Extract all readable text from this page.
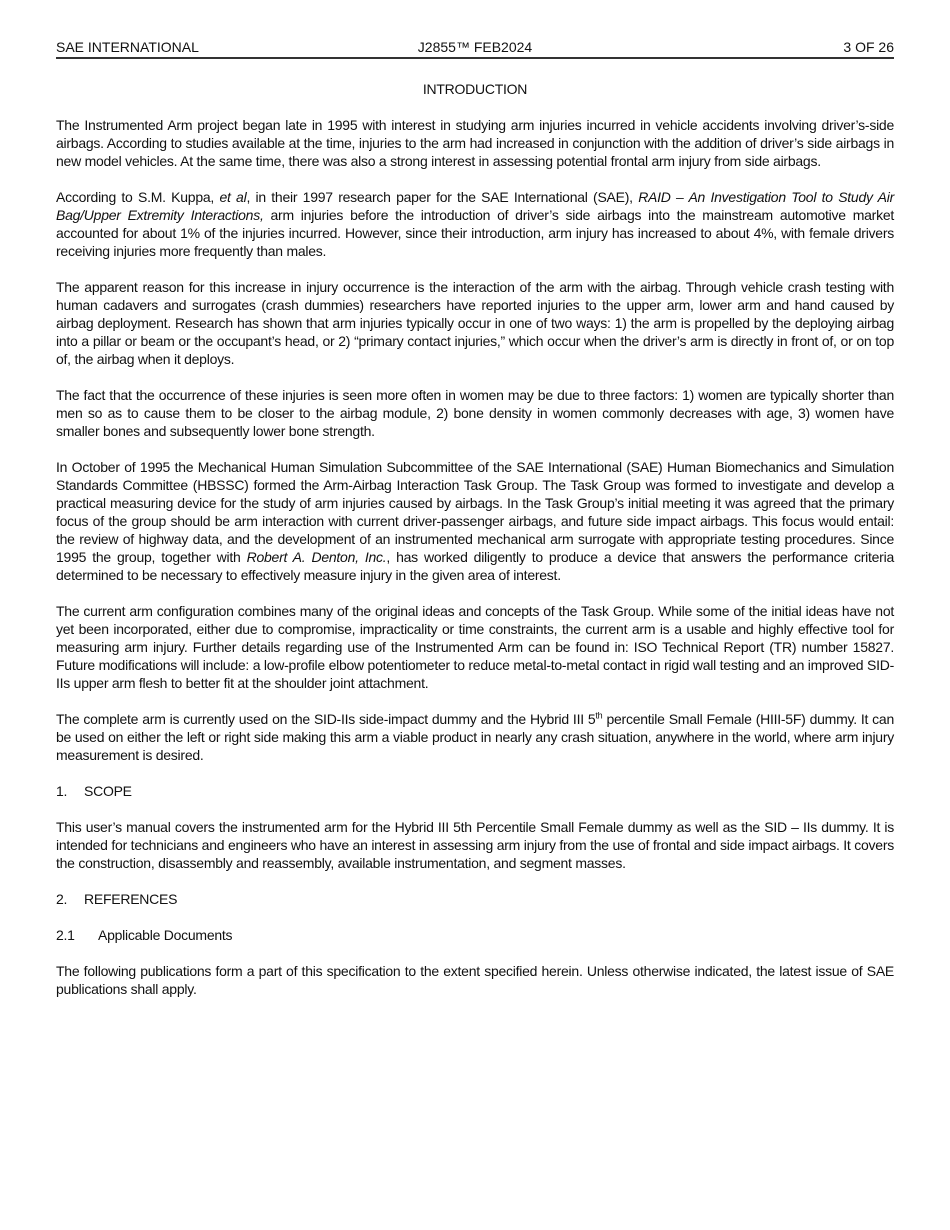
SAE INTERNATIONAL	J2855™ FEB2024	3 OF 26
INTRODUCTION

The Instrumented Arm project began late in 1995 with interest in studying arm injuries incurred in vehicle accidents involving driver’s-side airbags. According to studies available at the time, injuries to the arm had increased in conjunction with the addition of driver’s side airbags in new model vehicles. At the same time, there was also a strong interest in assessing potential frontal arm injury from side airbags.

According to S.M. Kuppa, et al, in their 1997 research paper for the SAE International (SAE), RAID – An Investigation Tool to Study Air Bag/Upper Extremity Interactions, arm injuries before the introduction of driver’s side airbags into the mainstream automotive market accounted for about 1% of the injuries incurred. However, since their introduction, arm injury has increased to about 4%, with female drivers receiving injuries more frequently than males.

The apparent reason for this increase in injury occurrence is the interaction of the arm with the airbag. Through vehicle crash testing with human cadavers and surrogates (crash dummies) researchers have reported injuries to the upper arm, lower arm and hand caused by airbag deployment. Research has shown that arm injuries typically occur in one of two ways: 1) the arm is propelled by the deploying airbag into a pillar or beam or the occupant’s head, or 2) “primary contact injuries,” which occur when the driver’s arm is directly in front of, or on top of, the airbag when it deploys.

The fact that the occurrence of these injuries is seen more often in women may be due to three factors: 1) women are typically shorter than men so as to cause them to be closer to the airbag module, 2) bone density in women commonly decreases with age, 3) women have smaller bones and subsequently lower bone strength.

In October of 1995 the Mechanical Human Simulation Subcommittee of the SAE International (SAE) Human Biomechanics and Simulation Standards Committee (HBSSC) formed the Arm-Airbag Interaction Task Group. The Task Group was formed to investigate and develop a practical measuring device for the study of arm injuries caused by airbags. In the Task Group’s initial meeting it was agreed that the primary focus of the group should be arm interaction with current driver-passenger airbags, and future side impact airbags. This focus would entail: the review of highway data, and the development of an instrumented mechanical arm surrogate with appropriate testing procedures. Since 1995 the group, together with Robert A. Denton, Inc., has worked diligently to produce a device that answers the performance criteria determined to be necessary to effectively measure injury in the given area of interest.

The current arm configuration combines many of the original ideas and concepts of the Task Group. While some of the initial ideas have not yet been incorporated, either due to compromise, impracticality or time constraints, the current arm is a usable and highly effective tool for measuring arm injury. Further details regarding use of the Instrumented Arm can be found in: ISO Technical Report (TR) number 15827. Future modifications will include: a low-profile elbow potentiometer to reduce metal-to-metal contact in rigid wall testing and an improved SID-IIs upper arm flesh to better fit at the shoulder joint attachment.

The complete arm is currently used on the SID-IIs side-impact dummy and the Hybrid III 5th percentile Small Female (HIII-5F) dummy. It can be used on either the left or right side making this arm a viable product in nearly any crash situation, anywhere in the world, where arm injury measurement is desired.

1. SCOPE

This user’s manual covers the instrumented arm for the Hybrid III 5th Percentile Small Female dummy as well as the SID – IIs dummy. It is intended for technicians and engineers who have an interest in assessing arm injury from the use of frontal and side impact airbags. It covers the construction, disassembly and reassembly, available instrumentation, and segment masses.

2. REFERENCES
2.1 Applicable Documents

The following publications form a part of this specification to the extent specified herein. Unless otherwise indicated, the latest issue of SAE publications shall apply.
